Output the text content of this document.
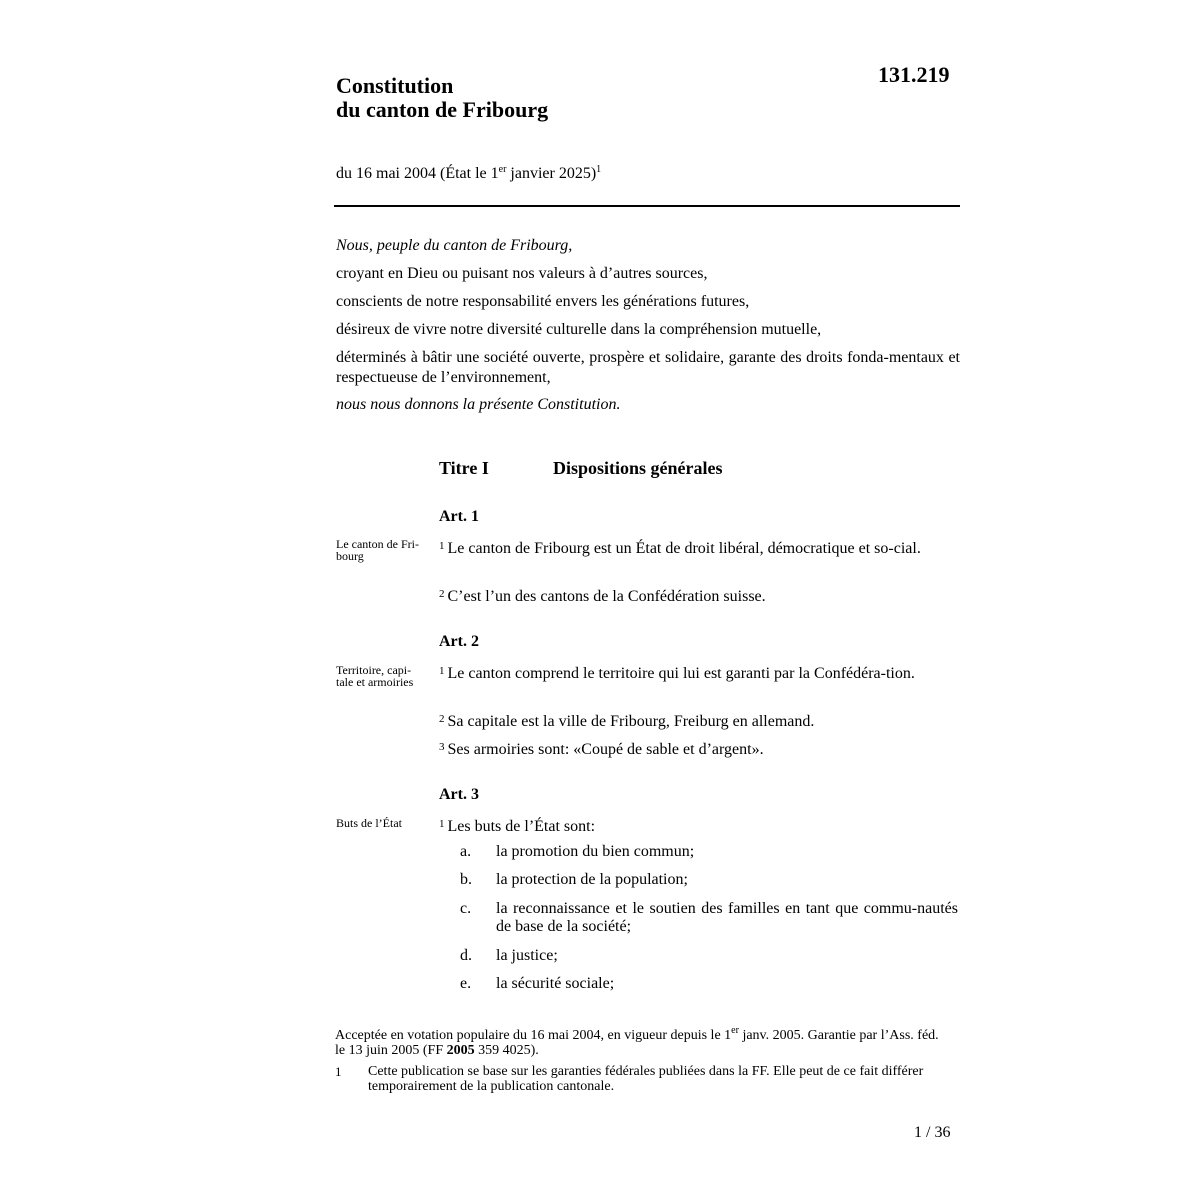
Constitution
du canton de Fribourg
131.219
du 16 mai 2004 (État le 1er janvier 2025)$^1$
Nous, peuple du canton de Fribourg,
croyant en Dieu ou puisant nos valeurs à d’autres sources,
conscients de notre responsabilité envers les générations futures,
désireux de vivre notre diversité culturelle dans la compréhension mutuelle,
déterminés à bâtir une société ouverte, prospère et solidaire, garante des droits fonda-mentaux et respectueuse de l’environnement,
nous nous donnons la présente Constitution.
Titre I	Dispositions générales
Art. 1
Le canton de Fri-bourg
$^1$ Le canton de Fribourg est un État de droit libéral, démocratique et so-cial.
$^2$ C’est l’un des cantons de la Confédération suisse.
Art. 2
Territoire, capi-tale et armoiries
$^1$ Le canton comprend le territoire qui lui est garanti par la Confédéra-tion.
$^2$ Sa capitale est la ville de Fribourg, Freiburg en allemand.
$^3$ Ses armoiries sont: «Coupé de sable et d’argent».
Art. 3
Buts de l’État	$^1$ Les buts de l’État sont:
a. la promotion du bien commun;
b. la protection de la population;
c. la reconnaissance et le soutien des familles en tant que commu-nautés de base de la société;
d. la justice;
e. la sécurité sociale;
Acceptée en votation populaire du 16 mai 2004, en vigueur depuis le 1er janv. 2005. Garantie par l’Ass. féd. le 13 juin 2005 (FF 2005 359 4025).
1 Cette publication se base sur les garanties fédérales publiées dans la FF. Elle peut de ce fait différer temporairement de la publication cantonale.
1 / 36
